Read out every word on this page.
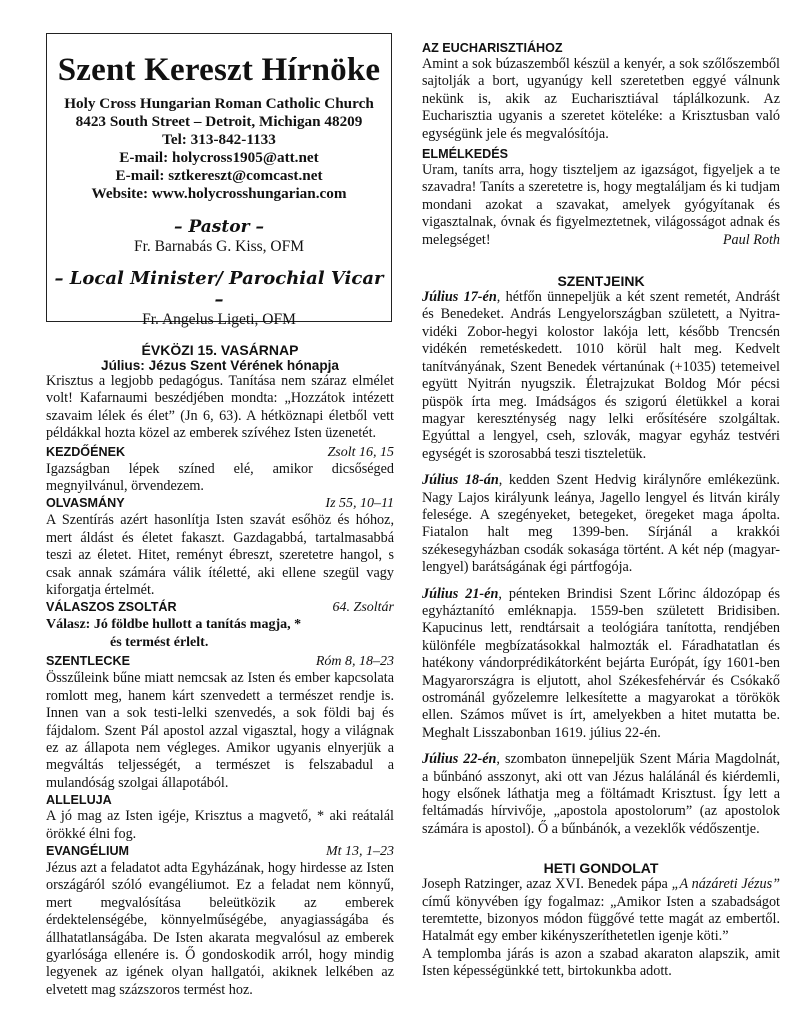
Szent Kereszt Hírnöke
Holy Cross Hungarian Roman Catholic Church
8423 South Street – Detroit, Michigan 48209
Tel: 313-842-1133
E-mail: holycross1905@att.net
E-mail: sztkereszt@comcast.net
Website: www.holycrosshungarian.com
– Pastor –
Fr. Barnabás G. Kiss, OFM
– Local Minister/ Parochial Vicar –
Fr. Angelus Ligeti, OFM
ÉVKÖZI 15. VASÁRNAP
Július: Jézus Szent Vérének hónapja

Krisztus a legjobb pedagógus. Tanítása nem száraz elmélet volt! Kafarnaumi beszédjében mondta: „Hozzátok intézett szavaim lélek és élet” (Jn 6, 63). A hétköznapi életből vett példákkal hozta közel az emberek szívéhez Isten üzenetét.

KEZDŐÉNEK	Zsolt 16, 15

Igazságban lépek színed elé, amikor dicsőséged megnyilvánul, örvendezem.

OLVASMÁNY	Iz 55, 10–11

A Szentírás azért hasonlítja Isten szavát esőhöz és hóhoz, mert áldást és életet fakaszt. Gazdagabbá, tartalmasabbá teszi az életet. Hitet, reményt ébreszt, szeretetre hangol, s csak annak számára válik ítéletté, aki ellene szegül vagy kiforgatja értelmét.

VÁLASZOS ZSOLTÁR	64. Zsoltár
Válasz: Jó földbe hullott a tanítás magja, *
és termést érlelt.
SZENTLECKE	Róm 8, 18–23

Összűleink bűne miatt nemcsak az Isten és ember kapcsolata romlott meg, hanem kárt szenvedett a természet rendje is. Innen van a sok testi-lelki szenvedés, a sok földi baj és fájdalom. Szent Pál apostol azzal vigasztal, hogy a világnak ez az állapota nem végleges. Amikor ugyanis elnyerjük a megváltás teljességét, a természet is felszabadul a mulandóság szolgai állapotából.

ALLELUJA

A jó mag az Isten igéje, Krisztus a magvető, * aki reátalál örökké élni fog.

EVANGÉLIUM	Mt 13, 1–23

Jézus azt a feladatot adta Egyházának, hogy hirdesse az Isten országáról szóló evangéliumot. Ez a feladat nem könnyű, mert megvalósítása beleütközik az emberek érdektelenségébe, könnyelműségébe, anyagiasságába és állhatatlanságába. De Isten akarata megvalósul az emberek gyarlósága ellenére is. Ő gondoskodik arról, hogy mindig legyenek az igének olyan hallgatói, akiknek lelkében az elvetett mag százszoros termést hoz.

AZ EUCHARISZTIÁHOZ

Amint a sok búzaszemből készül a kenyér, a sok szőlőszemből sajtolják a bort, ugyanúgy kell szeretetben eggyé válnunk nekünk is, akik az Eucharisztiával táplálkozunk. Az Eucharisztia ugyanis a szeretet köteléke: a Krisztusban való egységünk jele és megvalósítója.

ELMÉLKEDÉS

Uram, taníts arra, hogy tiszteljem az igazságot, figyeljek a te szavadra! Taníts a szeretetre is, hogy megtaláljam és ki tudjam mondani azokat a szavakat, amelyek gyógyítanak és vigasztalnak, óvnak és figyelmeztetnek, világosságot adnak és melegséget!	Paul Roth

SZENTJEINK

Július 17-én, hétfőn ünnepeljük a két szent remetét, Andráśt és Benedeket. András Lengyelországban született, a Nyitra-vidéki Zobor-hegyi kolostor lakója lett, később Trencsén vidékén remetéskedett. 1010 körül halt meg. Kedvelt tanítványának, Szent Benedek vértanúnak (+1035) tetemeivel együtt Nyitrán nyugszik. Életrajzukat Boldog Mór pécsi püspök írta meg. Imádságos és szigorú életükkel a korai magyar kereszténység nagy lelki erősítésére szolgáltak. Egyúttal a lengyel, cseh, szlovák, magyar egyház testvéri egységét is szorosabbá teszi tiszteletük.

Július 18-án, kedden Szent Hedvig királynőre emlékezünk. Nagy Lajos királyunk leánya, Jagello lengyel és litván király felesége. A szegényeket, betegeket, öregeket maga ápolta. Fiatalon halt meg 1399-ben. Sírjánál a krakkói székesegyházban csodák sokasága történt. A két nép (magyar-lengyel) barátságának égi pártfogója.

Július 21-én, pénteken Brindisi Szent Lőrinc áldozópap és egyháztanító emléknapja. 1559-ben született Bridisiben. Kapucinus lett, rendtársait a teológiára tanította, rendjében különféle megbízatásokkal halmozták el. Fáradhatatlan és hatékony vándorprédikátorként bejárta Európát, így 1601-ben Magyarországra is eljutott, ahol Székesfehérvár és Csókakő ostrománál győzelemre lelkesítette a magyarokat a törökök ellen. Számos művet is írt, amelyekben a hitet mutatta be. Meghalt Lisszabonban 1619. július 22-én.

Július 22-én, szombaton ünnepeljük Szent Mária Magdolnát, a bűnbánó asszonyt, aki ott van Jézus halálánál és kiérdemli, hogy elsőnek láthatja meg a föltámadt Krisztust. Így lett a feltámadás hírvivője, „apostola apostolorum” (az apostolok számára is apostol). Ő a bűnbánók, a vezeklők védőszentje.

HETI GONDOLAT

Joseph Ratzinger, azaz XVI. Benedek pápa „A názáreti Jézus” című könyvében így fogalmaz: „Amikor Isten a szabadságot teremtette, bizonyos módon függővé tette magát az embertől. Hatalmát egy ember kikényszeríthetetlen igenje köti.”

A templomba járás is azon a szabad akaraton alapszik, amit Isten képességünkké tett, birtokunkba adott.
